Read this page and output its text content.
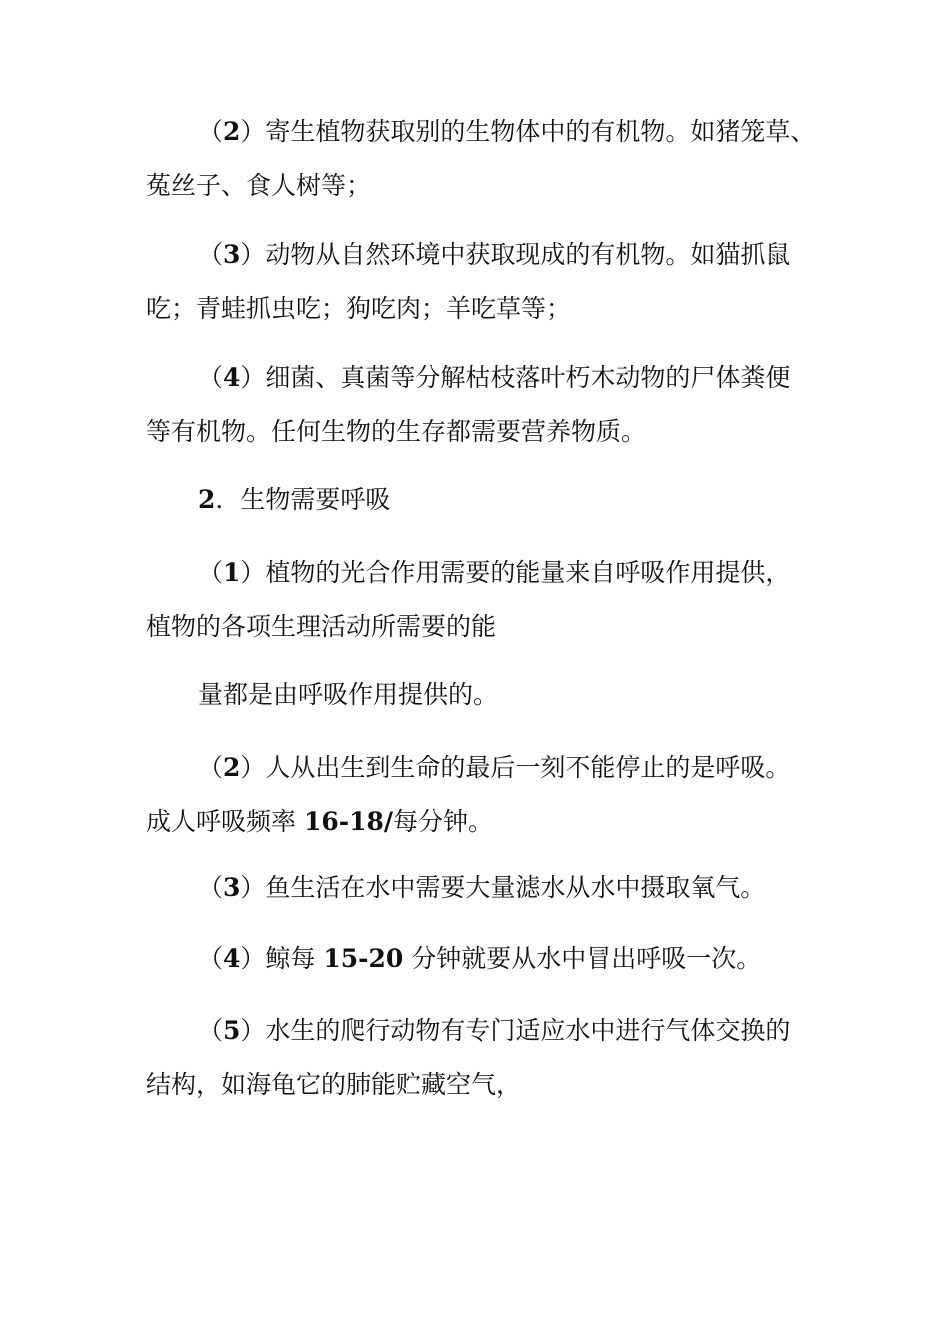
（2）寄生植物获取别的生物体中的有机物。如猪笼草、
菟丝子、食人树等；
（3）动物从自然环境中获取现成的有机物。如猫抓鼠
吃；青蛙抓虫吃；狗吃肉；羊吃草等；
（4）细菌、真菌等分解枯枝落叶朽木动物的尸体粪便
等有机物。任何生物的生存都需要营养物质。
2．生物需要呼吸
（1）植物的光合作用需要的能量来自呼吸作用提供，
植物的各项生理活动所需要的能
量都是由呼吸作用提供的。
（2）人从出生到生命的最后一刻不能停止的是呼吸。
成人呼吸频率 16-18/每分钟。
（3）鱼生活在水中需要大量滤水从水中摄取氧气。
（4）鲸每 15-20 分钟就要从水中冒出呼吸一次。
（5）水生的爬行动物有专门适应水中进行气体交换的
结构，如海龟它的肺能贮藏空气，
